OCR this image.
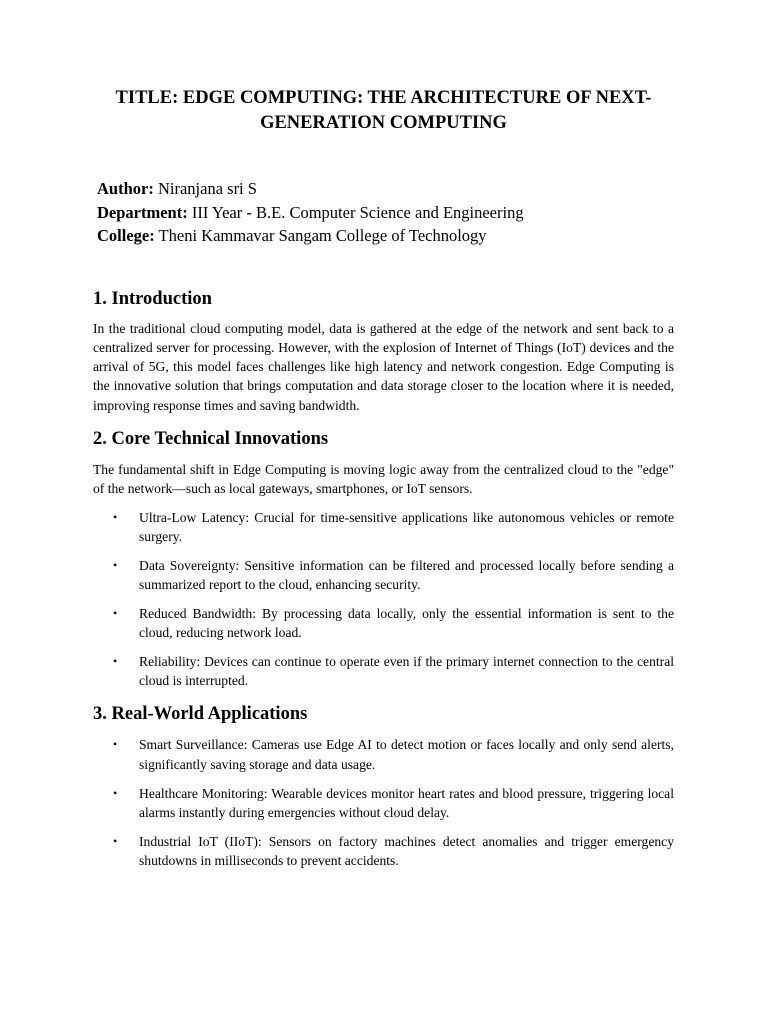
TITLE: EDGE COMPUTING: THE ARCHITECTURE OF NEXT-GENERATION COMPUTING
Author: Niranjana sri S
Department: III Year - B.E. Computer Science and Engineering
College: Theni Kammavar Sangam College of Technology
1. Introduction

In the traditional cloud computing model, data is gathered at the edge of the network and sent back to a centralized server for processing. However, with the explosion of Internet of Things (IoT) devices and the arrival of 5G, this model faces challenges like high latency and network congestion. Edge Computing is the innovative solution that brings computation and data storage closer to the location where it is needed, improving response times and saving bandwidth.

2. Core Technical Innovations

The fundamental shift in Edge Computing is moving logic away from the centralized cloud to the "edge" of the network—such as local gateways, smartphones, or IoT sensors.

• Ultra-Low Latency: Crucial for time-sensitive applications like autonomous vehicles or remote surgery.
• Data Sovereignty: Sensitive information can be filtered and processed locally before sending a summarized report to the cloud, enhancing security.
• Reduced Bandwidth: By processing data locally, only the essential information is sent to the cloud, reducing network load.
• Reliability: Devices can continue to operate even if the primary internet connection to the central cloud is interrupted.
3. Real-World Applications
• Smart Surveillance: Cameras use Edge AI to detect motion or faces locally and only send alerts, significantly saving storage and data usage.
• Healthcare Monitoring: Wearable devices monitor heart rates and blood pressure, triggering local alarms instantly during emergencies without cloud delay.
• Industrial IoT (IIoT): Sensors on factory machines detect anomalies and trigger emergency shutdowns in milliseconds to prevent accidents.
